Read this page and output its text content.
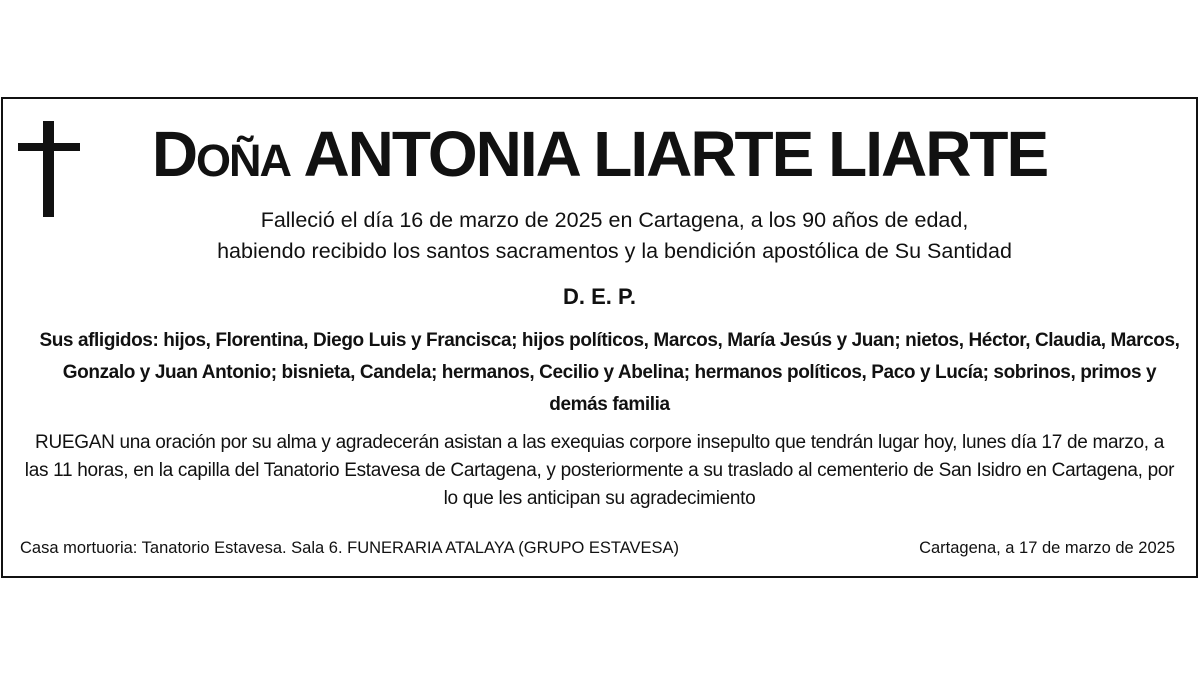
Doña ANTONIA LIARTE LIARTE
Falleció el día 16 de marzo de 2025 en Cartagena, a los 90 años de edad,
habiendo recibido los santos sacramentos y la bendición apostólica de Su Santidad
D. E. P.
Sus afligidos: hijos, Florentina, Diego Luis y Francisca; hijos políticos, Marcos, María Jesús y Juan; nietos, Héctor, Claudia, Marcos, Gonzalo y Juan Antonio; bisnieta, Candela; hermanos, Cecilio y Abelina; hermanos políticos, Paco y Lucía; sobrinos, primos y demás familia
RUEGAN una oración por su alma y agradecerán asistan a las exequias corpore insepulto que tendrán lugar hoy, lunes día 17 de marzo, a las 11 horas, en la capilla del Tanatorio Estavesa de Cartagena, y posteriormente a su traslado al cementerio de San Isidro en Cartagena, por lo que les anticipan su agradecimiento
Casa mortuoria: Tanatorio Estavesa. Sala 6. FUNERARIA ATALAYA (GRUPO ESTAVESA)	Cartagena, a 17 de marzo de 2025
